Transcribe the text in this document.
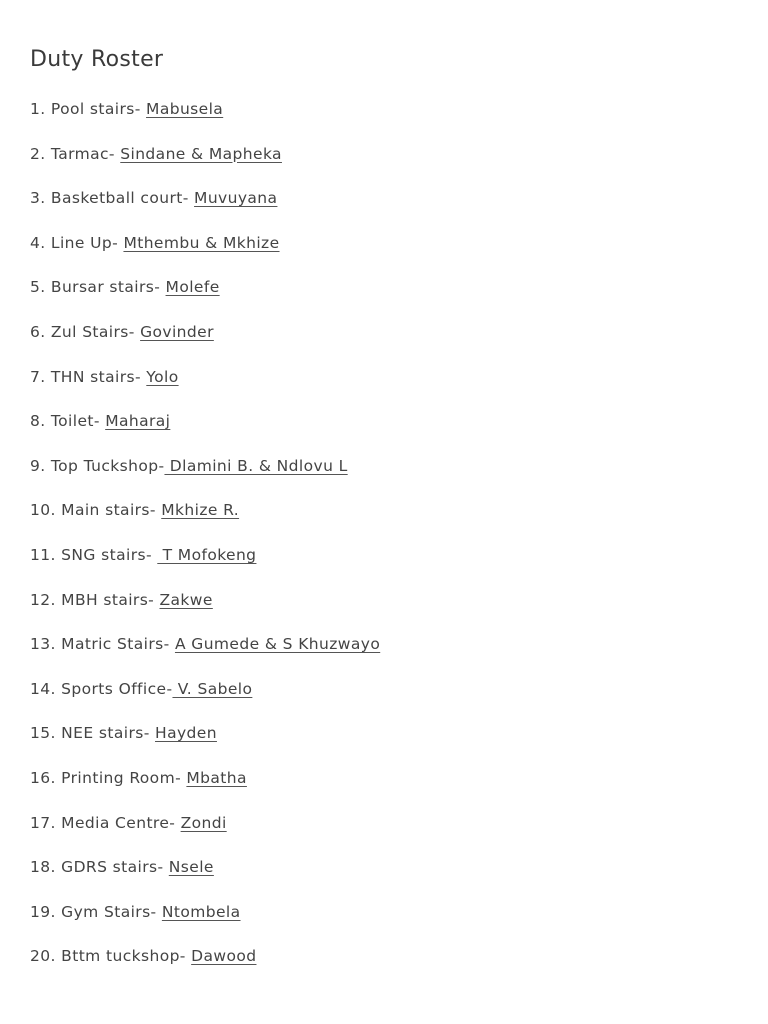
Duty Roster
1. Pool stairs- Mabusela
2. Tarmac- Sindane & Mapheka
3. Basketball court- Muvuyana
4. Line Up- Mthembu & Mkhize
5. Bursar stairs- Molefe
6. Zul Stairs- Govinder
7. THN stairs- Yolo
8. Toilet- Maharaj
9. Top Tuckshop- Dlamini B. & Ndlovu L
10. Main stairs- Mkhize R.
11. SNG stairs-  T Mofokeng
12. MBH stairs- Zakwe
13. Matric Stairs- A Gumede & S Khuzwayo
14. Sports Office- V. Sabelo
15. NEE stairs- Hayden
16. Printing Room- Mbatha
17. Media Centre- Zondi
18. GDRS stairs- Nsele
19. Gym Stairs- Ntombela
20. Bttm tuckshop- Dawood
